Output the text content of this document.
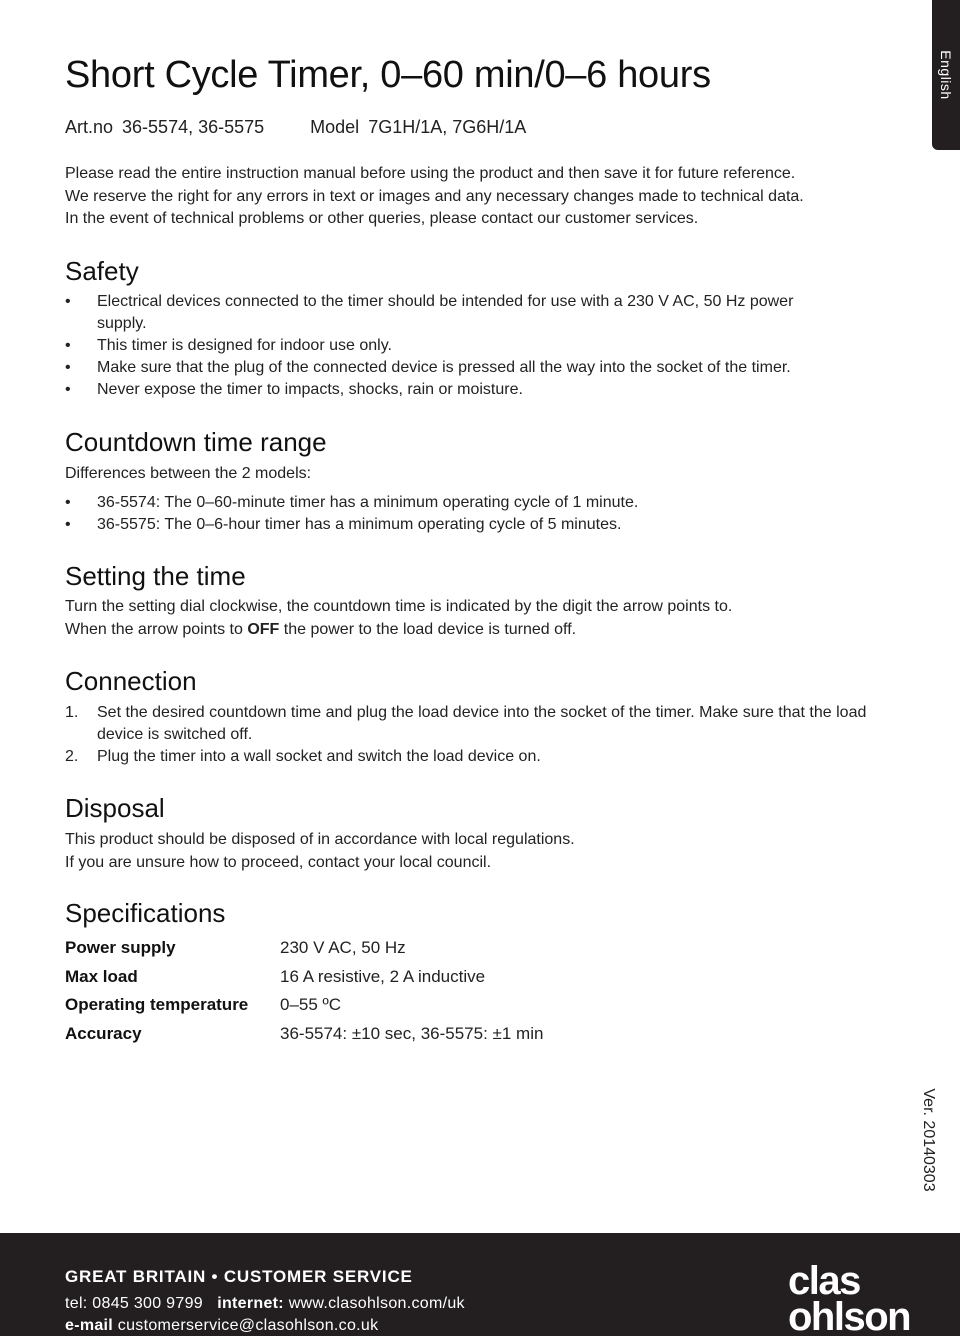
English
Short Cycle Timer, 0–60 min/0–6 hours
Art.no 36-5574, 36-5575	Model 7G1H/1A, 7G6H/1A
Please read the entire instruction manual before using the product and then save it for future reference.
We reserve the right for any errors in text or images and any necessary changes made to technical data.
In the event of technical problems or other queries, please contact our customer services.
Safety
• Electrical devices connected to the timer should be intended for use with a 230 V AC, 50 Hz power supply.
• This timer is designed for indoor use only.
• Make sure that the plug of the connected device is pressed all the way into the socket of the timer.
• Never expose the timer to impacts, shocks, rain or moisture.
Countdown time range
Differences between the 2 models:
• 36-5574: The 0–60-minute timer has a minimum operating cycle of 1 minute.
• 36-5575: The 0–6-hour timer has a minimum operating cycle of 5 minutes.
Setting the time
Turn the setting dial clockwise, the countdown time is indicated by the digit the arrow points to.
When the arrow points to OFF the power to the load device is turned off.
Connection
1. Set the desired countdown time and plug the load device into the socket of the timer. Make sure that the load device is switched off.
2. Plug the timer into a wall socket and switch the load device on.
Disposal
This product should be disposed of in accordance with local regulations.
If you are unsure how to proceed, contact your local council.
Specifications
Power supply	230 V AC, 50 Hz
Max load	16 A resistive, 2 A inductive
Operating temperature	0–55 ºC
Accuracy	36-5574: ±10 sec, 36-5575: ±1 min
Ver. 20140303
GREAT BRITAIN • CUSTOMER SERVICE
tel: 0845 300 9799 internet: www.clasohlson.com/uk
e-mail customerservice@clasohlson.co.uk
clas
ohlson
